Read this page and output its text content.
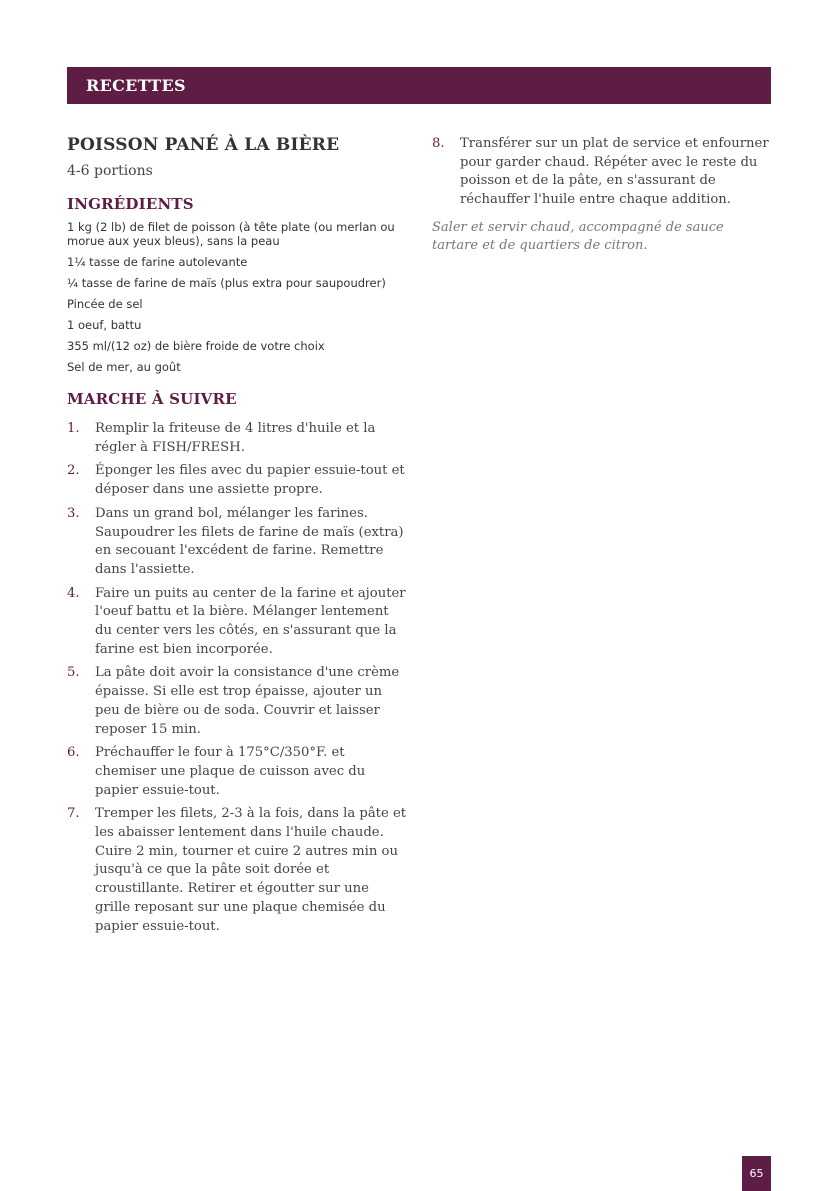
RECETTES
POISSON PANÉ À LA BIÈRE

4-6 portions

INGRÉDIENTS
1 kg (2 lb) de filet de poisson (à tête plate (ou merlan ou morue aux yeux bleus), sans la peau
1¼ tasse de farine autolevante
¼ tasse de farine de maïs (plus extra pour saupoudrer)
Pincée de sel
1 oeuf, battu
355 ml/(12 oz) de bière froide de votre choix
Sel de mer, au goût
MARCHE À SUIVRE
1.	Remplir la friteuse de 4 litres d'huile et la régler à FISH/FRESH.
2.	Éponger les files avec du papier essuie-tout et déposer dans une assiette propre.
3.	Dans un grand bol, mélanger les farines. Saupoudrer les filets de farine de maïs (extra) en secouant l'excédent de farine. Remettre dans l'assiette.
4.	Faire un puits au center de la farine et ajouter l'oeuf battu et la bière. Mélanger lentement du center vers les côtés, en s'assurant que la farine est bien incorporée.
5.	La pâte doit avoir la consistance d'une crème épaisse. Si elle est trop épaisse, ajouter un peu de bière ou de soda. Couvrir et laisser reposer 15 min.
6.	Préchauffer le four à 175°C/350°F. et chemiser une plaque de cuisson avec du papier essuie-tout.
7.	Tremper les filets, 2-3 à la fois, dans la pâte et les abaisser lentement dans l'huile chaude. Cuire 2 min, tourner et cuire 2 autres min ou jusqu'à ce que la pâte soit dorée et croustillante. Retirer et égoutter sur une grille reposant sur une plaque chemisée du papier essuie-tout.
8.	Transférer sur un plat de service et enfourner pour garder chaud. Répéter avec le reste du poisson et de la pâte, en s'assurant de réchauffer l'huile entre chaque addition.

Saler et servir chaud, accompagné de sauce tartare et de quartiers de citron.

65
